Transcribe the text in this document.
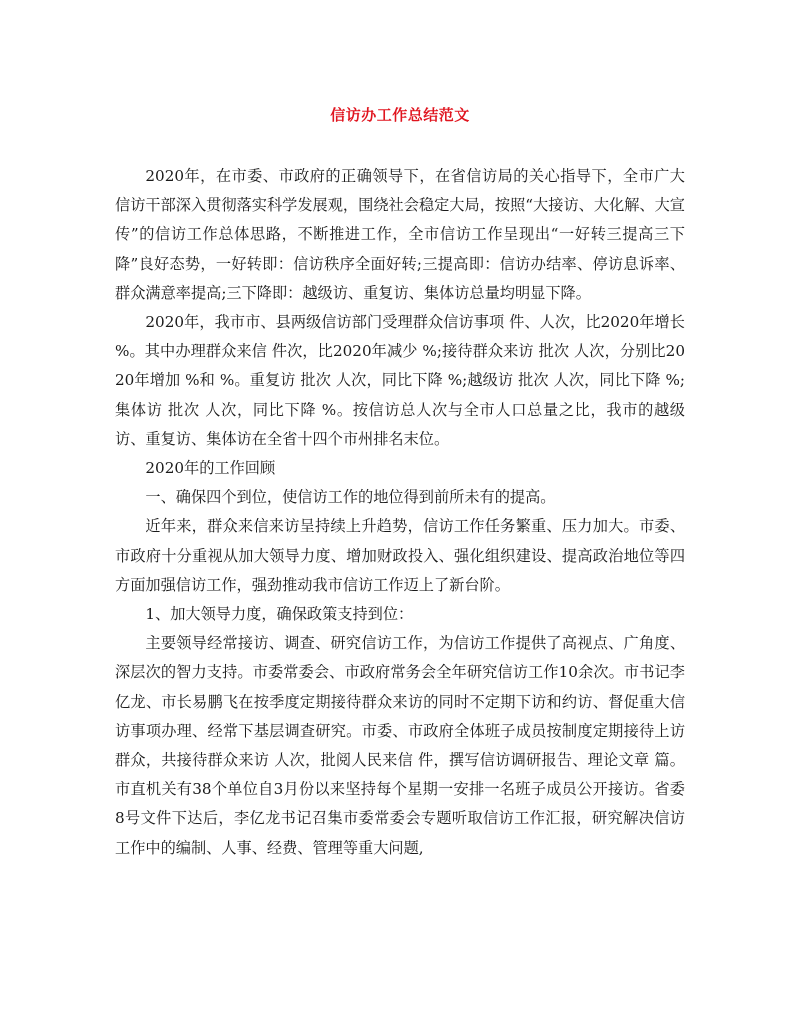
信访办工作总结范文

2020年，在市委、市政府的正确领导下，在省信访局的关心指导下，全市广大信访干部深入贯彻落实科学发展观，围绕社会稳定大局，按照“大接访、大化解、大宣传”的信访工作总体思路，不断推进工作，全市信访工作呈现出“一好转三提高三下降”良好态势，一好转即：信访秩序全面好转;三提高即：信访办结率、停访息诉率、群众满意率提高;三下降即：越级访、重复访、集体访总量均明显下降。

2020年，我市市、县两级信访部门受理群众信访事项 件、人次，比2020年增长 %。其中办理群众来信 件次，比2020年减少 %;接待群众来访 批次 人次，分别比2020年增加 %和 %。重复访 批次 人次，同比下降 %;越级访 批次 人次，同比下降 %;集体访 批次 人次，同比下降 %。按信访总人次与全市人口总量之比，我市的越级访、重复访、集体访在全省十四个市州排名末位。

2020年的工作回顾

一、确保四个到位，使信访工作的地位得到前所未有的提高。

近年来，群众来信来访呈持续上升趋势，信访工作任务繁重、压力加大。市委、市政府十分重视从加大领导力度、增加财政投入、强化组织建设、提高政治地位等四方面加强信访工作，强劲推动我市信访工作迈上了新台阶。

1、加大领导力度，确保政策支持到位：

主要领导经常接访、调查、研究信访工作，为信访工作提供了高视点、广角度、深层次的智力支持。市委常委会、市政府常务会全年研究信访工作10余次。市书记李亿龙、市长易鹏飞在按季度定期接待群众来访的同时不定期下访和约访、督促重大信访事项办理、经常下基层调查研究。市委、市政府全体班子成员按制度定期接待上访群众，共接待群众来访 人次，批阅人民来信 件，撰写信访调研报告、理论文章 篇。市直机关有38个单位自3月份以来坚持每个星期一安排一名班子成员公开接访。省委8号文件下达后，李亿龙书记召集市委常委会专题听取信访工作汇报，研究解决信访工作中的编制、人事、经费、管理等重大问题,
